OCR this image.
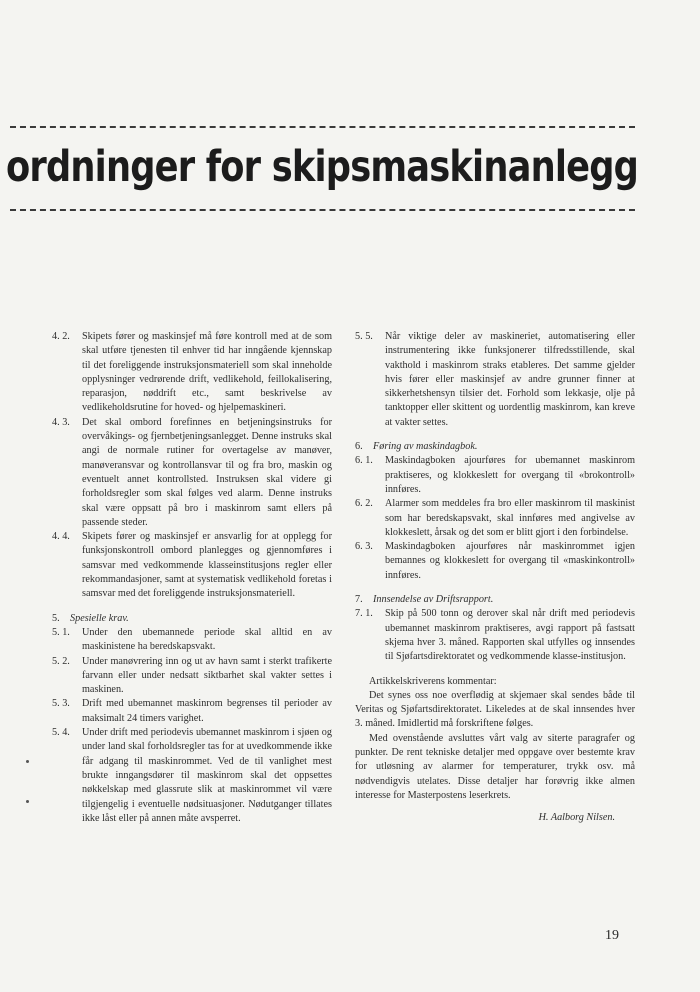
ordninger for skipsmaskinanlegg
4. 2.	Skipets fører og maskinsjef må føre kontroll med at de som skal utføre tjenesten til enhver tid har inngående kjennskap til det foreliggende instruksjonsmateriell som skal inneholde opplysninger vedrørende drift, vedlikehold, feillokalisering, reparasjon, nøddrift etc., samt beskrivelse av vedlikeholdsrutine for hoved- og hjelpemaskineri.
4. 3.	Det skal ombord forefinnes en betjeningsinstruks for overvåkings- og fjernbetjeningsanlegget. Denne instruks skal angi de normale rutiner for overtagelse av manøver, manøveransvar og kontrollansvar til og fra bro, maskin og eventuelt annet kontrollsted. Instruksen skal videre gi forholdsregler som skal følges ved alarm. Denne instruks skal være oppsatt på bro i maskinrom samt ellers på passende steder.
4. 4.	Skipets fører og maskinsjef er ansvarlig for at opplegg for funksjonskontroll ombord planlegges og gjennomføres i samsvar med vedkommende klasseinstitusjons regler eller rekommandasjoner, samt at systematisk vedlikehold foretas i samsvar med det foreliggende instruksjonsmateriell.
5.	Spesielle krav.
5. 1.	Under den ubemannede periode skal alltid en av maskinistene ha beredskapsvakt.
5. 2.	Under manøvrering inn og ut av havn samt i sterkt trafikerte farvann eller under nedsatt siktbarhet skal vakter settes i maskinen.
5. 3.	Drift med ubemannet maskinrom begrenses til perioder av maksimalt 24 timers varighet.
5. 4.	Under drift med periodevis ubemannet maskinrom i sjøen og under land skal forholdsregler tas for at uvedkommende ikke får adgang til maskinrommet. Ved de til vanlighet mest brukte inngangsdører til maskinrom skal det oppsettes nøkkelskap med glassrute slik at maskinrommet vil være tilgjengelig i eventuelle nødsituasjoner. Nødutganger tillates ikke låst eller på annen måte avsperret.
5. 5.	Når viktige deler av maskineriet, automatisering eller instrumentering ikke funksjonerer tilfredsstillende, skal vakthold i maskinrom straks etableres. Det samme gjelder hvis fører eller maskinsjef av andre grunner finner at sikkerhetshensyn tilsier det. Forhold som lekkasje, olje på tanktopper eller skittent og uordentlig maskinrom, kan kreve at vakter settes.
6.	Føring av maskindagbok.
6. 1.	Maskindagboken ajourføres for ubemannet maskinrom praktiseres, og klokkeslett for overgang til «brokontroll» innføres.
6. 2.	Alarmer som meddeles fra bro eller maskinrom til maskinist som har beredskapsvakt, skal innføres med angivelse av klokkeslett, årsak og det som er blitt gjort i den forbindelse.
6. 3.	Maskindagboken ajourføres når maskinrommet igjen bemannes og klokkeslett for overgang til «maskinkontroll» innføres.
7.	Innsendelse av Driftsrapport.
7. 1.	Skip på 500 tonn og derover skal når drift med periodevis ubemannet maskinrom praktiseres, avgi rapport på fastsatt skjema hver 3. måned. Rapporten skal utfylles og innsendes til Sjøfartsdirektoratet og vedkommende klasse-institusjon.

Artikkelskriverens kommentar:

Det synes oss noe overflødig at skjemaer skal sendes både til Veritas og Sjøfartsdirektoratet. Likeledes at de skal innsendes hver 3. måned. Imidlertid må forskriftene følges.

Med ovenstående avsluttes vårt valg av siterte paragrafer og punkter. De rent tekniske detaljer med oppgave over bestemte krav for utløsning av alarmer for temperaturer, trykk osv. må nødvendigvis utelates. Disse detaljer har forøvrig ikke almen interesse for Masterpostens leserkrets.

H. Aalborg Nilsen.
19
